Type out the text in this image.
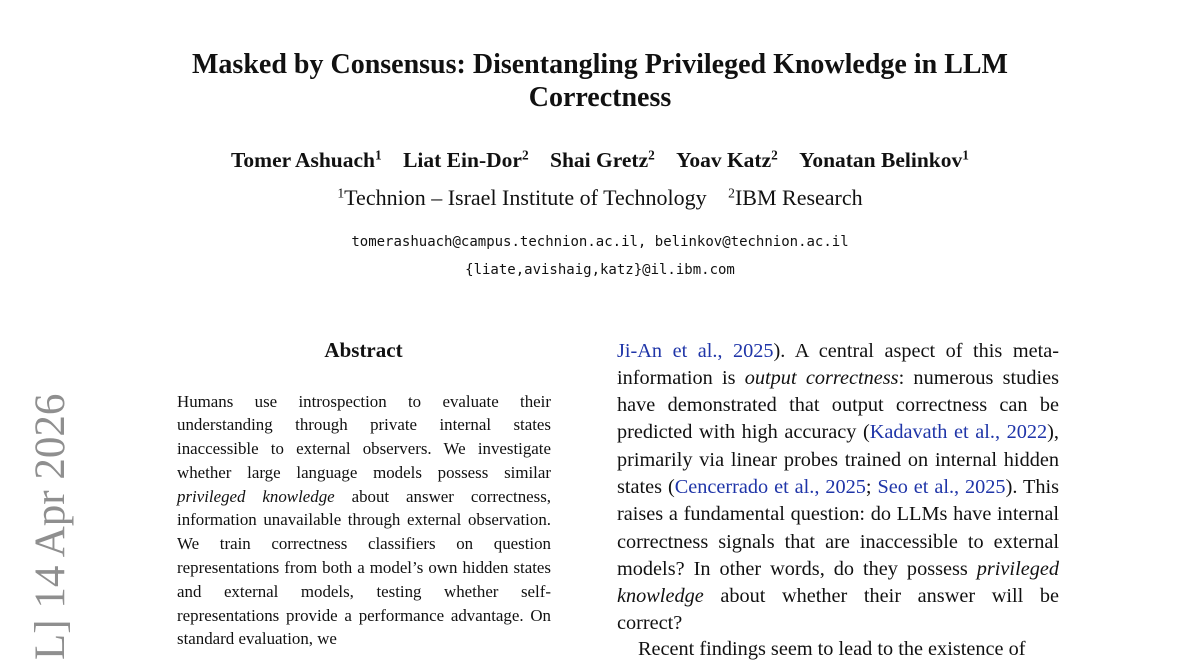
Masked by Consensus: Disentangling Privileged Knowledge in LLM Correctness
Tomer Ashuach$^1$ Liat Ein-Dor$^2$ Shai Gretz$^2$ Yoav Katz$^2$ Yonatan Belinkov$^1$
$^1$Technion – Israel Institute of Technology $^2$IBM Research
tomerashuach@campus.technion.ac.il, belinkov@technion.ac.il
{liate,avishaig,katz}@il.ibm.com
L] 14 Apr 2026
Abstract

Humans use introspection to evaluate their understanding through private internal states inaccessible to external observers. We investigate whether large language models possess similar privileged knowledge about answer correctness, information unavailable through external observation. We train correctness classifiers on question representations from both a model’s own hidden states and external models, testing whether self-representations provide a performance advantage. On standard evaluation, we

Ji-An et al., 2025). A central aspect of this meta-information is output correctness: numerous studies have demonstrated that output correctness can be predicted with high accuracy (Kadavath et al., 2022), primarily via linear probes trained on internal hidden states (Cencerrado et al., 2025; Seo et al., 2025). This raises a fundamental question: do LLMs have internal correctness signals that are inaccessible to external models? In other words, do they possess privileged knowledge about whether their answer will be correct?

Recent findings seem to lead to the existence of
